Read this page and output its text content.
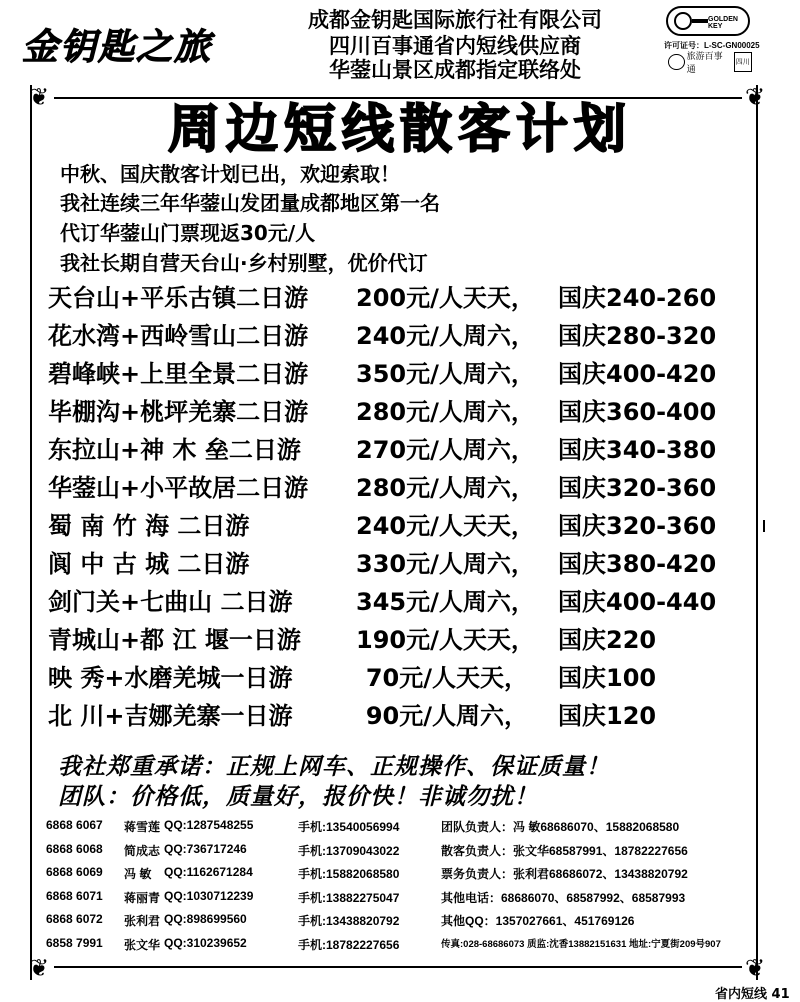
金钥匙之旅
成都金钥匙国际旅行社有限公司
四川百事通省内短线供应商
华蓥山景区成都指定联络处
GOLDEN KEY
许可证号：L-SC-GN00025
旅游百事通
四川
❦	❦
❦	❦
周边短线散客计划
中秋、国庆散客计划已出，欢迎索取！
我社连续三年华蓥山发团量成都地区第一名
代订华蓥山门票现返30元/人
我社长期自营天台山·乡村别墅，优价代订
天台山+平乐古镇二日游	200元/人天天， 国庆240-260
花水湾+西岭雪山二日游	240元/人周六， 国庆280-320
碧峰峡+上里全景二日游	350元/人周六， 国庆400-420
毕棚沟+桃坪羌寨二日游	280元/人周六， 国庆360-400
东拉山+神 木 垒二日游	270元/人周六， 国庆340-380
华蓥山+小平故居二日游	280元/人周六， 国庆320-360
蜀 南 竹 海 二日游	240元/人天天， 国庆320-360
阆 中 古 城 二日游	330元/人周六， 国庆380-420
剑门关+七曲山 二日游	345元/人周六， 国庆400-440
青城山+都 江 堰一日游	190元/人天天， 国庆220
映 秀+水磨羌城一日游	70元/人天天， 国庆100
北 川+吉娜羌寨一日游	90元/人周六， 国庆120
我社郑重承诺：正规上网车、正规操作、保证质量！
团队：价格低，质量好，报价快！非诚勿扰！
6868 6067 蒋雪莲 QQ:1287548255	手机:13540056994
6868 6068 简成志 QQ:736717246	手机:13709043022
6868 6069 冯 敏 QQ:1162671284	手机:15882068580
6868 6071 蒋丽青 QQ:1030712239	手机:13882275047
6868 6072 张利君 QQ:898699560	手机:13438820792
6858 7991 张文华 QQ:310239652	手机:18782227656
团队负责人：冯 敏68686070、15882068580
散客负责人：张文华68587991、18782227656
票务负责人：张利君68686072、13438820792
其他电话：68686070、68587992、68587993
其他QQ：1357027661、451769126
传真:028-68686073 质监:沈香13882151631 地址:宁夏街209号907
省内短线 41
